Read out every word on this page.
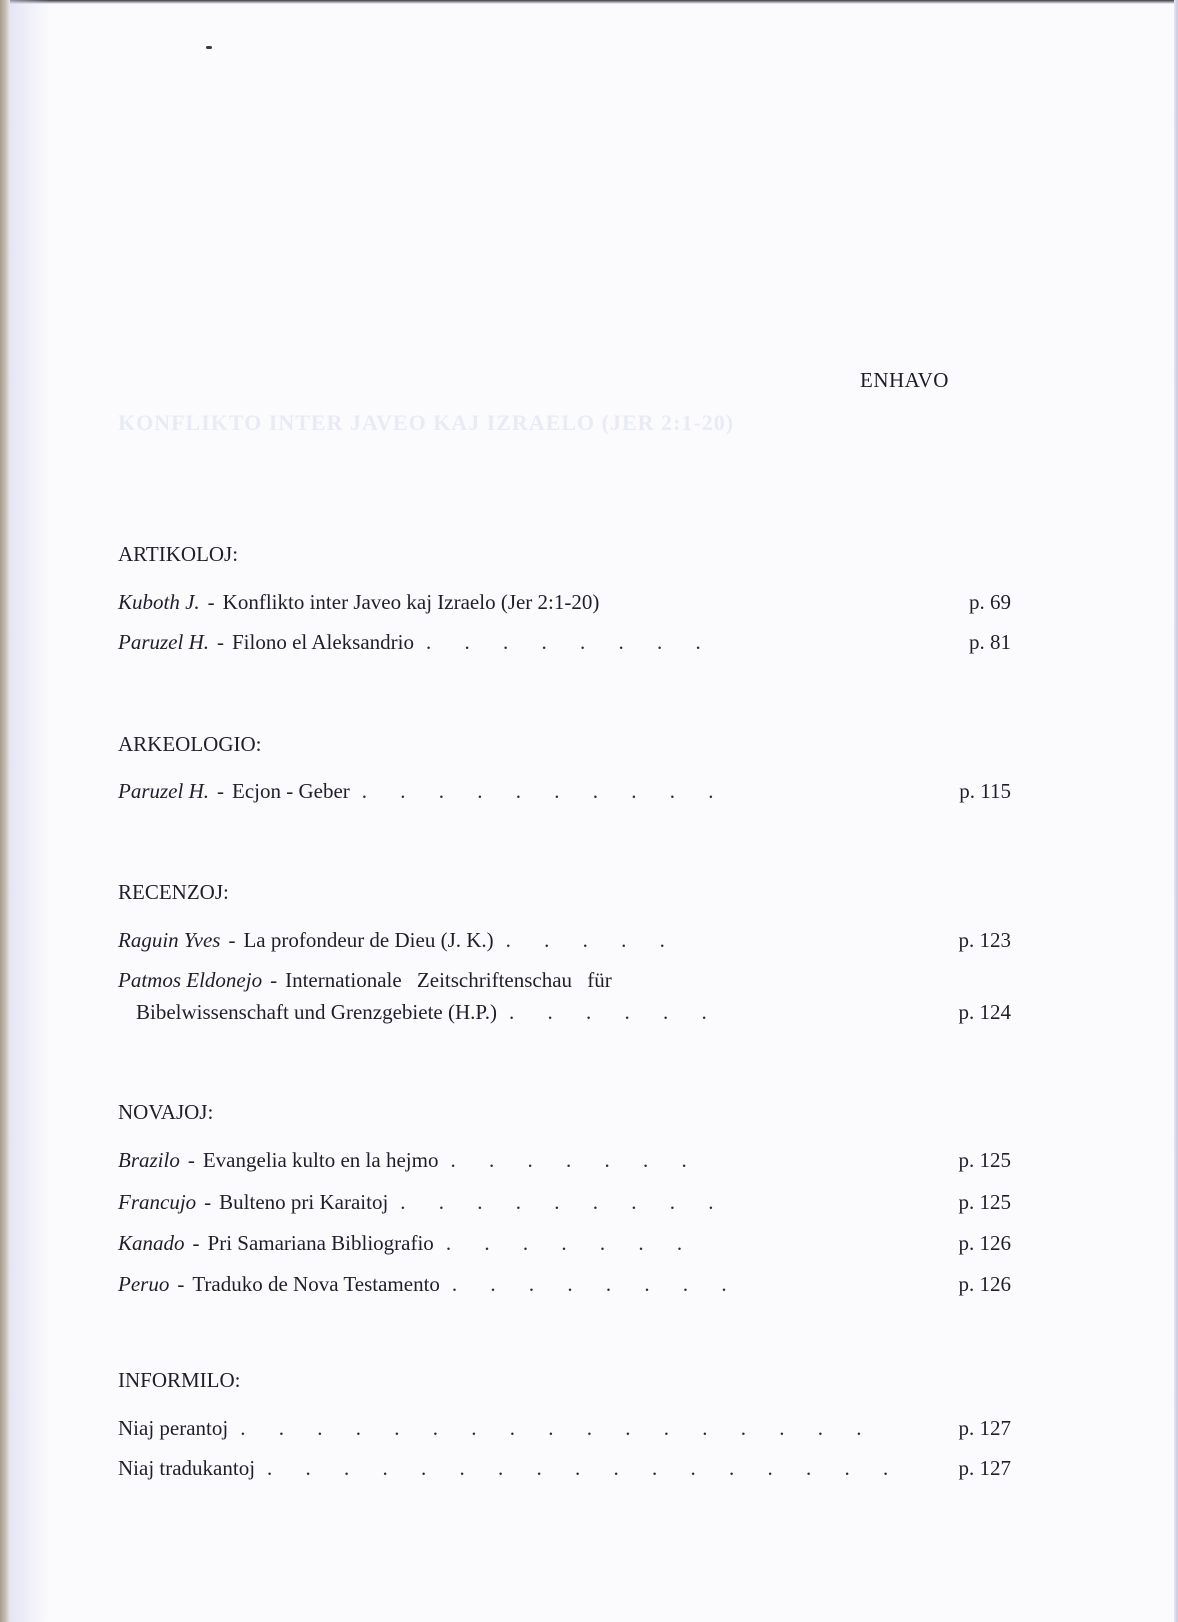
KONFLIKTO INTER JAVEO KAJ IZRAELO (JER 2:1-20)
ENHAVO
ARTIKOLOJ:
Kuboth J. - Konflikto inter Javeo kaj Izraelo (Jer 2:1-20)	p. 69
Paruzel H. - Filono el Aleksandrio . . . . . . . .	p. 81
ARKEOLOGIO:
Paruzel H. - Ecjon - Geber . . . . . . . . . .	p. 115
RECENZOJ:
Raguin Yves - La profondeur de Dieu (J. K.) . . . . .	p. 123
Patmos Eldonejo - Internationale Zeitschriftenschau für
Bibelwissenschaft und Grenzgebiete (H.P.) . . . . . .	p. 124
NOVAJOJ:
Brazilo - Evangelia kulto en la hejmo . . . . . . .	p. 125
Francujo - Bulteno pri Karaitoj . . . . . . . . .	p. 125
Kanado - Pri Samariana Bibliografio . . . . . . .	p. 126
Peruo - Traduko de Nova Testamento . . . . . . . .	p. 126
INFORMILO:
Niaj perantoj . . . . . . . . . . . . . . . . .	p. 127
Niaj tradukantoj . . . . . . . . . . . . . . . . .	p. 127
